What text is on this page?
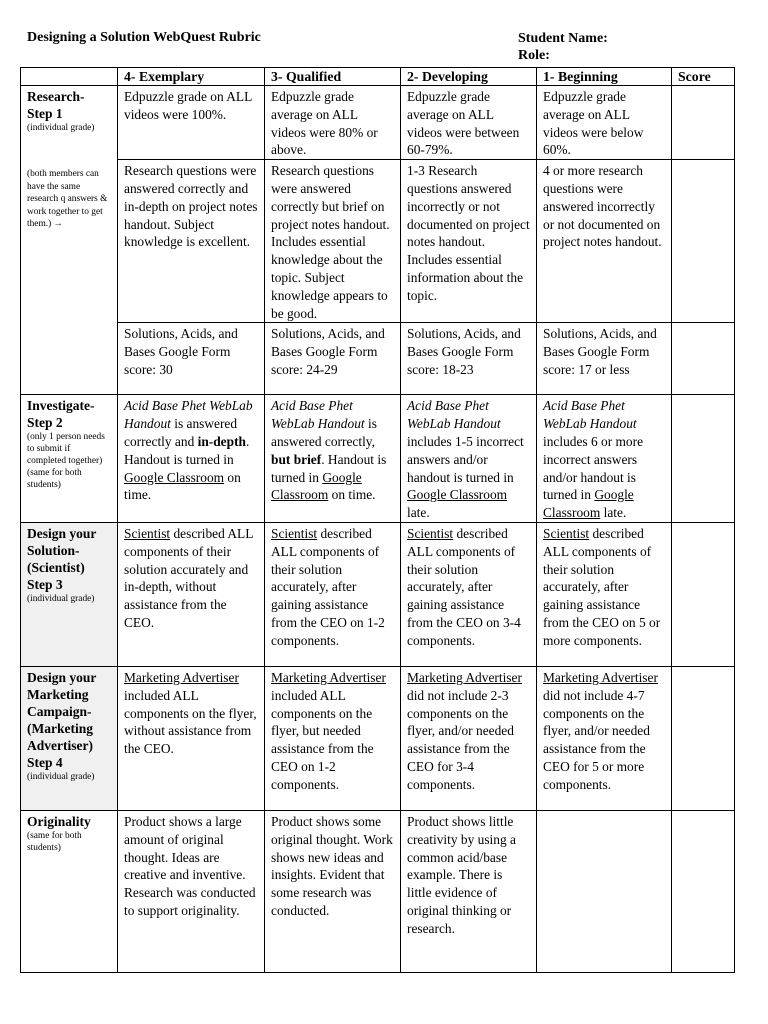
Designing a Solution WebQuest Rubric	Student Name:
Role:
	4- Exemplary	3- Qualified	2- Developing	1- Beginning	Score

Research-
Step 1
(individual grade)
(both members can have the same research q answers & work together to get them.) →	Edpuzzle grade on ALL videos were 100%.	Edpuzzle grade average on ALL videos were 80% or above.	Edpuzzle grade average on ALL videos were between 60-79%.	Edpuzzle grade average on ALL videos were below 60%.	
	Research questions were answered correctly and in-depth on project notes handout. Subject knowledge is excellent.	Research questions were answered correctly but brief on project notes handout. Includes essential knowledge about the topic. Subject knowledge appears to be good.	1-3 Research questions answered incorrectly or not documented on project notes handout. Includes essential information about the topic.	4 or more research questions were answered incorrectly or not documented on project notes handout.	
	Solutions, Acids, and Bases Google Form score: 30	Solutions, Acids, and Bases Google Form score: 24-29	Solutions, Acids, and Bases Google Form score: 18-23	Solutions, Acids, and Bases Google Form score: 17 or less	

Investigate-
Step 2
(only 1 person needs to submit if completed together)(same for both students)	Acid Base Phet WebLab Handout is answered correctly and in-depth. Handout is turned in Google Classroom on time.	Acid Base Phet WebLab Handout is answered correctly, but brief. Handout is turned in Google Classroom on time.	Acid Base Phet WebLab Handout includes 1-5 incorrect answers and/or handout is turned in Google Classroom late.	Acid Base Phet WebLab Handout includes 6 or more incorrect answers and/or handout is turned in Google Classroom late.	

Design your Solution-
(Scientist)
Step 3
(individual grade)	Scientist described ALL components of their solution accurately and in-depth, without assistance from the CEO.	Scientist described ALL components of their solution accurately, after gaining assistance from the CEO on 1-2 components.	Scientist described ALL components of their solution accurately, after gaining assistance from the CEO on 3-4 components.	Scientist described ALL components of their solution accurately, after gaining assistance from the CEO on 5 or more components.	

Design your Marketing Campaign-
(Marketing Advertiser)
Step 4
(individual grade)	Marketing Advertiser included ALL components on the flyer, without assistance from the CEO.	Marketing Advertiser included ALL components on the flyer, but needed assistance from the CEO on 1-2 components.	Marketing Advertiser did not include 2-3 components on the flyer, and/or needed assistance from the CEO for 3-4 components.	Marketing Advertiser did not include 4-7 components on the flyer, and/or needed assistance from the CEO for 5 or more components.	

Originality
(same for both students)	Product shows a large amount of original thought. Ideas are creative and inventive. Research was conducted to support originality.	Product shows some original thought. Work shows new ideas and insights. Evident that some research was conducted.	Product shows little creativity by using a common acid/base example. There is little evidence of original thinking or research.		
